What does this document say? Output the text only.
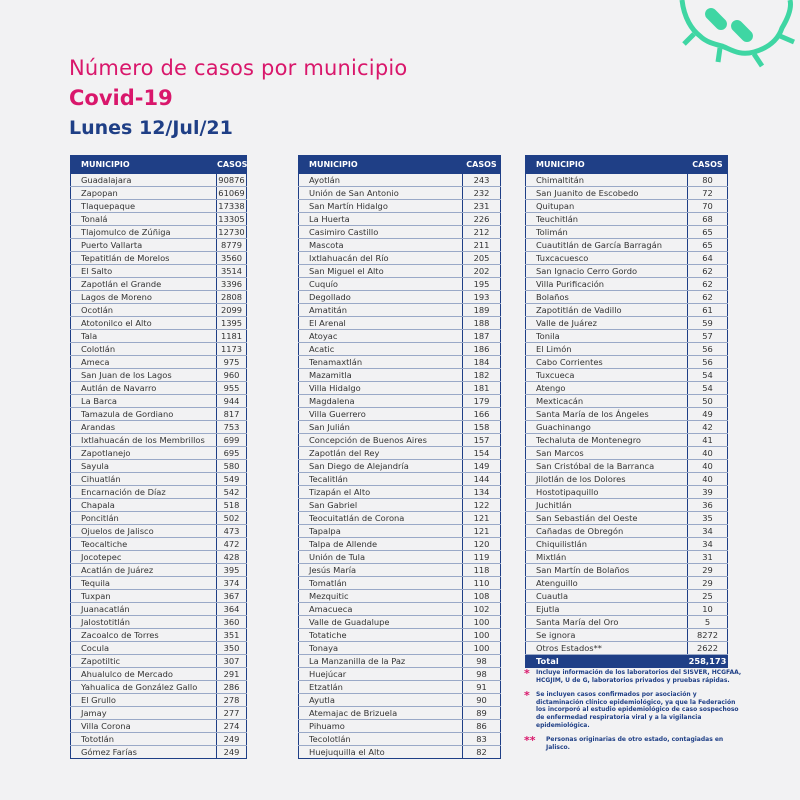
Número de casos por municipio
Covid-19
Lunes 12/Jul/21
MUNICIPIO	CASOS
Guadalajara	90876
Zapopan	61069
Tlaquepaque	17338
Tonalá	13305
Tlajomulco de Zúñiga	12730
Puerto Vallarta	8779
Tepatitlán de Morelos	3560
El Salto	3514
Zapotlán el Grande	3396
Lagos de Moreno	2808
Ocotlán	2099
Atotonilco el Alto	1395
Tala	1181
Colotlán	1173
Ameca	975
San Juan de los Lagos	960
Autlán de Navarro	955
La Barca	944
Tamazula de Gordiano	817
Arandas	753
Ixtlahuacán de los Membrillos	699
Zapotlanejo	695
Sayula	580
Cihuatlán	549
Encarnación de Díaz	542
Chapala	518
Poncitlán	502
Ojuelos de Jalisco	473
Teocaltiche	472
Jocotepec	428
Acatlán de Juárez	395
Tequila	374
Tuxpan	367
Juanacatlán	364
Jalostotitlán	360
Zacoalco de Torres	351
Cocula	350
Zapotiltic	307
Ahualulco de Mercado	291
Yahualica de González Gallo	286
El Grullo	278
Jamay	277
Villa Corona	274
Tototlán	249
Gómez Farías	249
MUNICIPIO	CASOS
Ayotlán	243
Unión de San Antonio	232
San Martín Hidalgo	231
La Huerta	226
Casimiro Castillo	212
Mascota	211
Ixtlahuacán del Río	205
San Miguel el Alto	202
Cuquío	195
Degollado	193
Amatitán	189
El Arenal	188
Atoyac	187
Acatic	186
Tenamaxtlán	184
Mazamitla	182
Villa Hidalgo	181
Magdalena	179
Villa Guerrero	166
San Julián	158
Concepción de Buenos Aires	157
Zapotlán del Rey	154
San Diego de Alejandría	149
Tecalitlán	144
Tizapán el Alto	134
San Gabriel	122
Teocuitatlán de Corona	121
Tapalpa	121
Talpa de Allende	120
Unión de Tula	119
Jesús María	118
Tomatlán	110
Mezquitic	108
Amacueca	102
Valle de Guadalupe	100
Totatiche	100
Tonaya	100
La Manzanilla de la Paz	98
Huejúcar	98
Etzatlán	91
Ayutla	90
Atemajac de Brizuela	89
Pihuamo	86
Tecolotlán	83
Huejuquilla el Alto	82
MUNICIPIO	CASOS
Chimaltitán	80
San Juanito de Escobedo	72
Quitupan	70
Teuchitlán	68
Tolimán	65
Cuautitlán de García Barragán	65
Tuxcacuesco	64
San Ignacio Cerro Gordo	62
Villa Purificación	62
Bolaños	62
Zapotitlán de Vadillo	61
Valle de Juárez	59
Tonila	57
El Limón	56
Cabo Corrientes	56
Tuxcueca	54
Atengo	54
Mexticacán	50
Santa María de los Ángeles	49
Guachinango	42
Techaluta de Montenegro	41
San Marcos	40
San Cristóbal de la Barranca	40
Jilotlán de los Dolores	40
Hostotipaquillo	39
Juchitlán	36
San Sebastián del Oeste	35
Cañadas de Obregón	34
Chiquilistlán	34
Mixtlán	31
San Martín de Bolaños	29
Atenguillo	29
Cuautla	25
Ejutla	10
Santa María del Oro	5
Se ignora	8272
Otros Estados**	2622
Total	258,173
*	Incluye información de los laboratorios del SISVER, HCGFAA, HCGJIM, U de G, laboratorios privados y pruebas rápidas.
*	Se incluyen casos confirmados por asociación y dictaminación clínico epidemiológico, ya que la Federación los incorporó al estudio epidemiológico de caso sospechoso de enfermedad respiratoria viral y a la vigilancia epidemiológica.
**	Personas originarias de otro estado, contagiadas en Jalisco.
